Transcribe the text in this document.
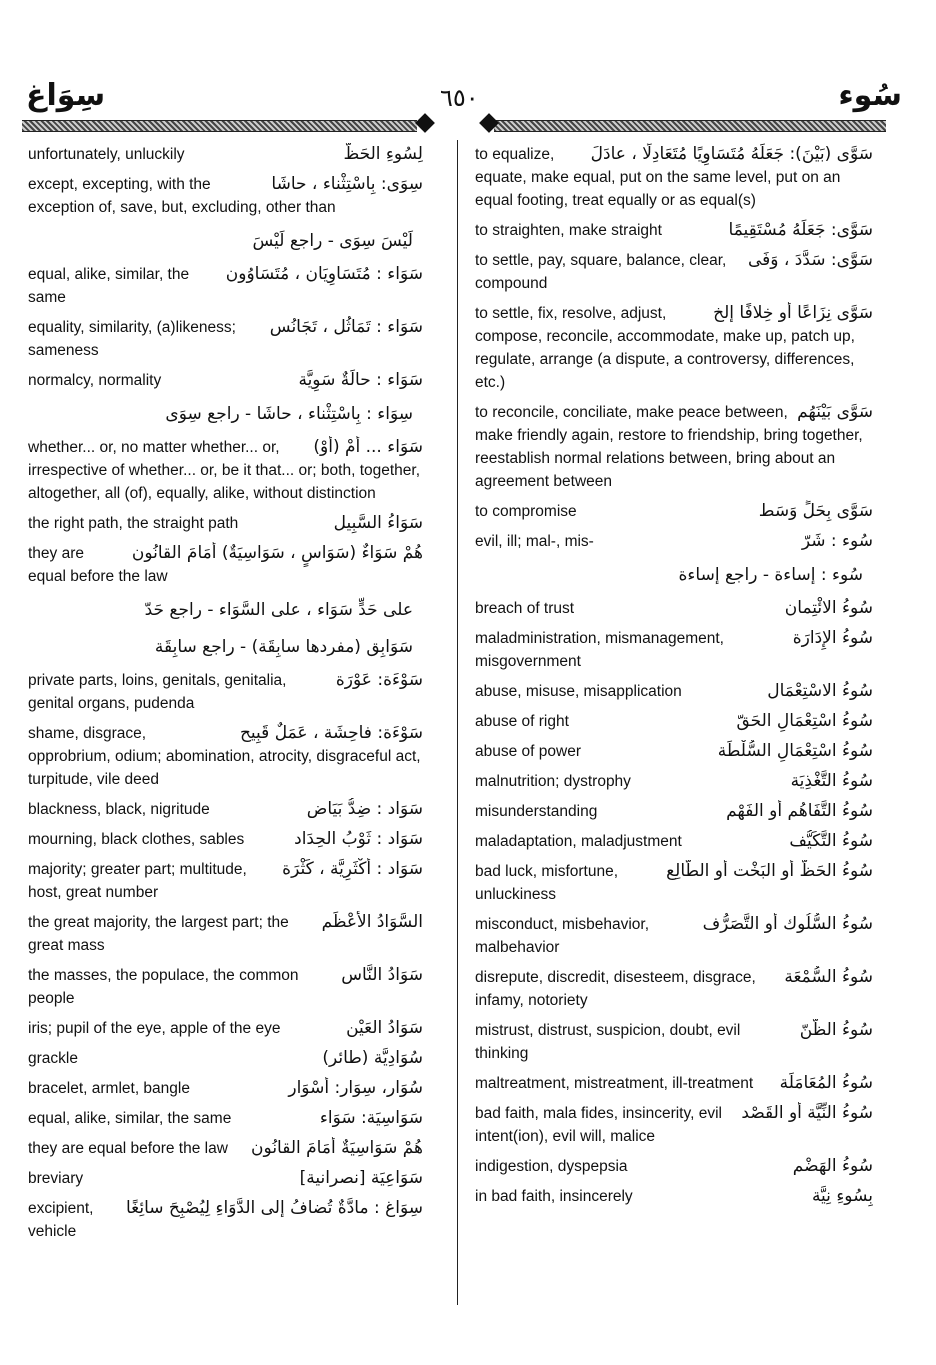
سِوَاغ	٦٥٠	سُوء
لِسُوءِ الحَظّ
unfortunately, unluckily
سِوَى: بِاسْتِثْناء ، حاشَا
except, excepting, with the exception of, save, but, excluding, other than
لَيْسَ سِوَى - راجع لَيْسَ
سَوَاء : مُتَسَاوِيَان ، مُتَسَاوُون
equal, alike, similar, the same
سَوَاء : تَمَاثُل ، تَجَانُس
equality, similarity, (a)likeness; sameness
سَوَاء : حالَةٌ سَوِيَّة
normalcy, normality
سِوَاء : بِاسْتِثْناء ، حاشَا - راجع سِوَى
سَوَاء ... أَمْ (أَوْ)
whether... or, no matter whether... or, irrespective of whether... or, be it that... or; both, together, altogether, all (of), equally, alike, without distinction
سَوَاءُ السَّبِيل
the right path, the straight path
هُمْ سَوَاءٌ (سَوَاسٍ ، سَوَاسِيَةٌ) أَمَامَ القانُون
they are equal before the law
على حَدٍّ سَوَاء ، على السَّوَاء - راجع حَدّ
سَوَابِق (مفردها سابِقَة) - راجع سابِقَة
سَوْءَة: عَوْرَة
private parts, loins, genitals, genitalia, genital organs, pudenda
سَوْءَة: فاحِشَة ، عَمَلٌ قَبِيح
shame, disgrace, opprobrium, odium; abomination, atrocity, disgraceful act, turpitude, vile deed
سَوَاد : ضِدُّ بَيَاض
blackness, black, nigritude
سَوَاد : ثَوْبُ الحِدَاد
mourning, black clothes, sables
سَوَاد : أَكْثَرِيَّة ، كَثْرَة
majority; greater part; multitude, host, great number
السَّوَادُ الأَعْظَم
the great majority, the largest part; the great mass
سَوَادُ النَّاس
the masses, the populace, the common people
سَوَادُ العَيْن
iris; pupil of the eye, apple of the eye
سُوَادِيَّة (طائر)
grackle
سُوَار، سِوَار: أُسْوَار
bracelet, armlet, bangle
سَوَاسِيَة: سَوَاء
equal, alike, similar, the same
هُمْ سَوَاسِيَةٌ أَمَامَ القانُون
they are equal before the law
سَوَاعِيَة [نصرانية]
breviary
سِوَاغ : مادَّةٌ تُضافُ إلى الدَّوَاءِ لِيُصْبِحَ سائِغًا
excipient, vehicle
سَوَّى (بَيْنَ): جَعَلَهُ مُتَسَاوِيًا مُتَعَادِلًا ، عادَلَ
to equalize, equate, make equal, put on the same level, put on an equal footing, treat equally or as equal(s)
سَوَّى: جَعَلَهُ مُسْتَقِيمًا
to straighten, make straight
سَوَّى: سَدَّدَ ، وَفَى
to settle, pay, square, balance, clear, compound
سَوَّى نِزَاعًا أو خِلافًا إلخ
to settle, fix, resolve, adjust, compose, reconcile, accommodate, make up, patch up, regulate, arrange (a dispute, a controversy, differences, etc.)
سَوَّى بَيْنَهُم
to reconcile, conciliate, make peace between, make friendly again, restore to friendship, bring together, reestablish normal relations between, bring about an agreement between
سَوَّى بِحَلٍّ وَسَط
to compromise
سُوء : شَرّ
evil, ill; mal-, mis-
سُوء : إساءة - راجع إساءة
سُوءُ الائْتِمان
breach of trust
سُوءُ الإِدَارَة
maladministration, mismanagement, misgovernment
سُوءُ الاسْتِعْمَال
abuse, misuse, misapplication
سُوءُ اسْتِعْمَالِ الحَقّ
abuse of right
سُوءُ اسْتِعْمَالِ السُّلْطَة
abuse of power
سُوءُ التَّغْذِيَة
malnutrition; dystrophy
سُوءُ التَّفَاهُم أو الفَهْم
misunderstanding
سُوءُ التَّكَيُّف
maladaptation, maladjustment
سُوءُ الحَظّ أو البَخْت أو الطَّالِع
bad luck, misfortune, unluckiness
سُوءُ السُّلُوك أو التَّصَرُّف
misconduct, misbehavior, malbehavior
سُوءُ السُّمْعَة
disrepute, discredit, disesteem, disgrace, infamy, notoriety
سُوءُ الظَّنّ
mistrust, distrust, suspicion, doubt, evil thinking
سُوءُ المُعَامَلَة
maltreatment, mistreatment, ill-treatment
سُوءُ النِّيَّة أو القَصْد
bad faith, mala fides, insincerity, evil intent(ion), evil will, malice
سُوءُ الهَضْم
indigestion, dyspepsia
بِسُوءِ نِيَّة
in bad faith, insincerely
